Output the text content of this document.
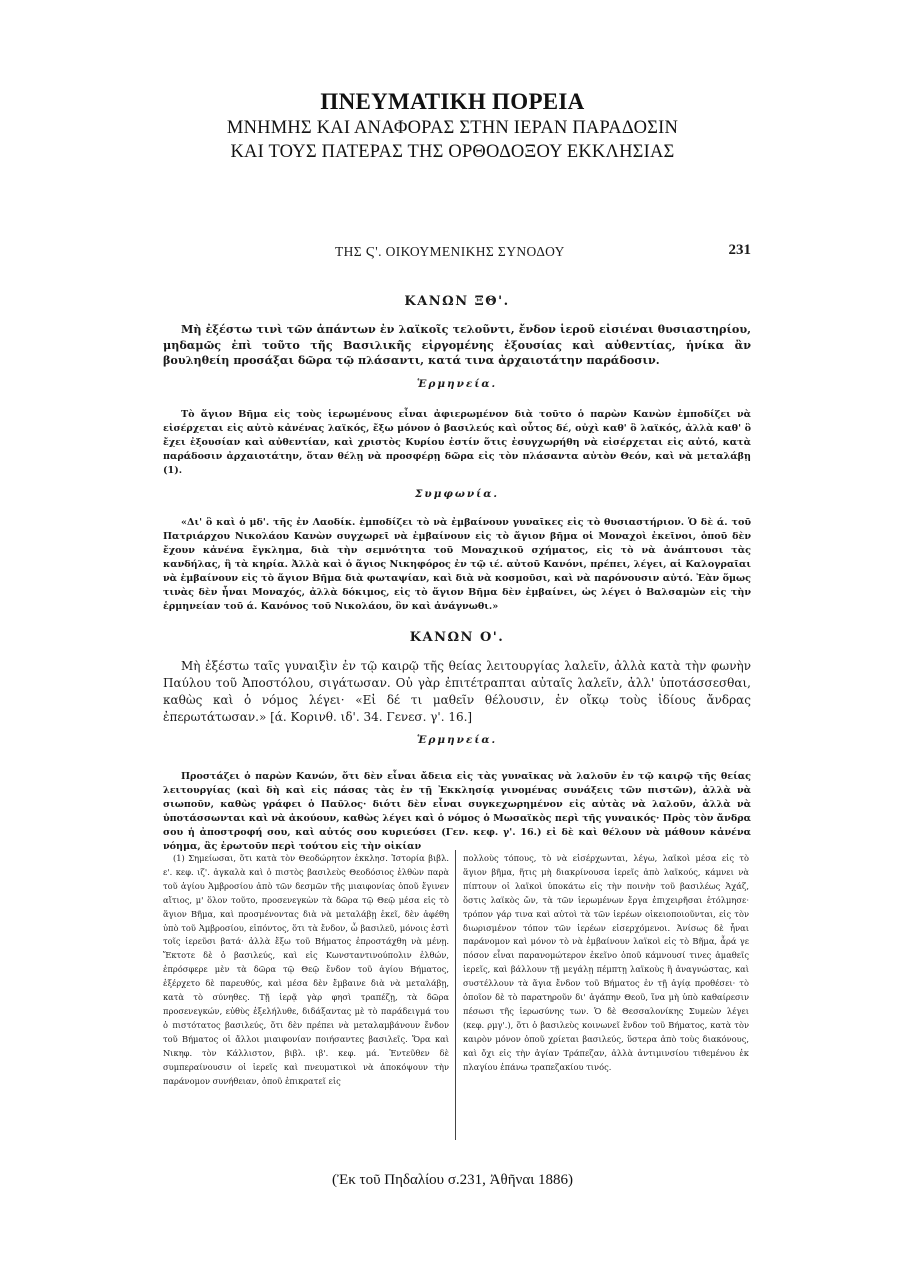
ΠΝΕΥΜΑΤΙΚΗ ΠΟΡΕΙΑ
ΜΝΗΜΗΣ ΚΑΙ ΑΝΑΦΟΡΑΣ ΣΤΗΝ ΙΕΡΑΝ ΠΑΡΑΔΟΣΙΝ
ΚΑΙ ΤΟΥΣ ΠΑΤΕΡΑΣ ΤΗΣ ΟΡΘΟΔΟΞΟΥ ΕΚΚΛΗΣΙΑΣ
ΤΗΣ Ϛ'. ΟΙΚΟΥΜΕΝΙΚΗΣ ΣΥΝΟΔΟΥ	231
ΚΑΝΩΝ ΞΘ'.
Μὴ ἐξέστω τινὶ τῶν ἁπάντων ἐν λαϊκοῖς τελοῦντι, ἔνδον ἱεροῦ εἰσιέναι θυσιαστηρίου, μηδαμῶς ἐπὶ τοῦτο τῆς Βασιλικῆς εἰργομένης ἐξουσίας καὶ αὐθεντίας, ἡνίκα ἂν βουληθείη προσάξαι δῶρα τῷ πλάσαντι, κατά τινα ἀρχαιοτάτην παράδοσιν.
Ἑρμηνεία.
Τὸ ἅγιον Βῆμα εἰς τοὺς ἱερωμένους εἶναι ἀφιερωμένον διὰ τοῦτο ὁ παρὼν Κανὼν ἐμποδίζει νὰ εἰσέρχεται εἰς αὐτὸ κἀνένας λαϊκός, ἔξω μόνον ὁ βασιλεύς καὶ οὗτος δέ, οὐχὶ καθ' ὃ λαϊκός, ἀλλὰ καθ' ὃ ἔχει ἐξουσίαν καὶ αὐθεντίαν, καὶ χριστὸς Κυρίου ἐστίν ὅτις ἐσυγχωρήθη νὰ εἰσέρχεται εἰς αὐτό, κατὰ παράδοσιν ἀρχαιοτάτην, ὅταν θέλῃ νὰ προσφέρῃ δῶρα εἰς τὸν πλάσαντα αὐτὸν Θεόν, καὶ νὰ μεταλάβῃ (1).
Συμφωνία.
«Δι' ὃ καὶ ὁ μδ'. τῆς ἐν Λαοδίκ. ἐμποδίζει τὸ νὰ ἐμβαίνουν γυναῖκες εἰς τὸ θυσιαστήριον. Ὁ δὲ ά. τοῦ Πατριάρχου Νικολάου Κανὼν συγχωρεῖ νὰ ἐμβαίνουν εἰς τὸ ἅγιον βῆμα οἱ Μοναχοὶ ἐκεῖνοι, ὁποῦ δὲν ἔχουν κἀνένα ἔγκλημα, διὰ τὴν σεμνότητα τοῦ Μοναχικοῦ σχήματος, εἰς τὸ νὰ ἀνάπτουσι τὰς κανδήλας, ἢ τὰ κηρία. Ἀλλὰ καὶ ὁ ἅγιος Νικηφόρος ἐν τῷ ιέ. αὐτοῦ Κανόνι, πρέπει, λέγει, αἱ Καλογραῖαι νὰ ἐμβαίνουν εἰς τὸ ἅγιον Βῆμα διὰ φωταψίαν, καὶ διὰ νὰ κοσμοῦσι, καὶ νὰ παρόνουσιν αὐτό. Ἐὰν ὅμως τινὰς δὲν ἦναι Μοναχός, ἀλλὰ δόκιμος, εἰς τὸ ἅγιον Βῆμα δὲν ἐμβαίνει, ὡς λέγει ὁ Βαλσαμὼν εἰς τὴν ἑρμηνείαν τοῦ ά. Κανόνος τοῦ Νικολάου, ὃν καὶ ἀνάγνωθι.»
ΚΑΝΩΝ Ο'.
Μὴ ἐξέστω ταῖς γυναιξὶν ἐν τῷ καιρῷ τῆς θείας λειτουργίας λαλεῖν, ἀλλὰ κατὰ τὴν φωνὴν Παύλου τοῦ Ἀποστόλου, σιγάτωσαν. Οὐ γὰρ ἐπιτέτραπται αὐταῖς λαλεῖν, ἀλλ' ὑποτάσσεσθαι, καθὼς καὶ ὁ νόμος λέγει· «Εἰ δέ τι μαθεῖν θέλουσιν, ἐν οἴκῳ τοὺς ἰδίους ἄνδρας ἐπερωτάτωσαν.» [ά. Κορινθ. ιδ'. 34. Γενεσ. γ'. 16.]
Ἑρμηνεία.
Προστάζει ὁ παρὼν Κανών, ὅτι δὲν εἶναι ἄδεια εἰς τὰς γυναῖκας νὰ λαλοῦν ἐν τῷ καιρῷ τῆς θείας λειτουργίας (καὶ δὴ καὶ εἰς πάσας τὰς ἐν τῇ Ἐκκλησίᾳ γινομένας συνάξεις τῶν πιστῶν), ἀλλὰ νὰ σιωποῦν, καθὼς γράφει ὁ Παῦλος· διότι δὲν εἶναι συγκεχωρημένον εἰς αὐτὰς νὰ λαλοῦν, ἀλλὰ νὰ ὑποτάσσωνται καὶ νὰ ἀκούουν, καθὼς λέγει καὶ ὁ νόμος ὁ Μωσαϊκὸς περὶ τῆς γυναικός· Πρὸς τὸν ἄνδρα σου ἡ ἀποστροφή σου, καὶ αὐτός σου κυριεύσει (Γεν. κεφ. γ'. 16.) εἰ δὲ καὶ θέλουν νὰ μάθουν κἀνένα νόημα, ἂς ἐρωτοῦν περὶ τούτου εἰς τὴν οἰκίαν
(1) Σημείωσαι, ὅτι κατὰ τὸν Θεοδώρητον ἐκκλησ. Ἱστορία βιβλ. ε'. κεφ. ιζ'. ἀγκαλὰ καὶ ὁ πιστὸς βασιλεὺς Θεοδόσιος ἐλθὼν παρὰ τοῦ ἁγίου Ἀμβροσίου ἀπὸ τῶν δεσμῶν τῆς μιαιφονίας ὁποῦ ἔγινεν αἴτιος, μ' ὅλον τοῦτο, προσενεγκὼν τὰ δῶρα τῷ Θεῷ μέσα εἰς τὸ ἅγιον Βῆμα, καὶ προσμένοντας διὰ νὰ μεταλάβῃ ἐκεῖ, δὲν ἀφέθη ὑπὸ τοῦ Ἀμβροσίου, εἰπόντος, ὅτι τὰ ἔνδον, ὦ βασιλεῦ, μόνοις ἐστὶ τοῖς ἱερεῦσι βατά· ἀλλὰ ἔξω τοῦ Βήματος ἐπροστάχθη νὰ μένῃ. Ἔκτοτε δὲ ὁ βασιλεύς, καὶ εἰς Κωνσταντινούπολιν ἐλθών, ἐπρόσφερε μὲν τὰ δῶρα τῷ Θεῷ ἔνδον τοῦ ἁγίου Βήματος, ἐξέρχετο δὲ παρευθύς, καὶ μέσα δὲν ἔμβαινε διὰ νὰ μεταλάβῃ, κατὰ τὸ σύνηθες. Τῇ ἱερᾷ γὰρ φησὶ τραπέζῃ, τὰ δῶρα προσενεγκών, εὐθὺς ἐξελήλυθε, διδάξαντας μὲ τὸ παράδειγμά του ὁ πιστότατος βασιλεύς, ὅτι δὲν πρέπει νὰ μεταλαμβάνουν ἔνδον τοῦ Βήματος οἱ ἄλλοι μιαιφονίαν ποιήσαντες βασιλεῖς. Ὅρα καὶ Νικηφ. τὸν Κάλλιστον, βιβλ. ιβ'. κεφ. μά. Ἐντεῦθεν δὲ συμπεραίνουσιν οἱ ἱερεῖς καὶ πνευματικοὶ νὰ ἀποκόψουν τὴν παράνομον συνήθειαν, ὁποῦ ἐπικρατεῖ εἰς
πολλοὺς τόπους, τὸ νὰ εἰσέρχωνται, λέγω, λαϊκοὶ μέσα εἰς τὸ ἅγιον βῆμα, ἥτις μὴ διακρίνουσα ἱερεῖς ἀπὸ λαϊκούς, κάμνει νὰ πίπτουν οἱ λαϊκοὶ ὑποκάτω εἰς τὴν ποινὴν τοῦ βασιλέως Ἀχάζ, ὅστις λαϊκὸς ὤν, τὰ τῶν ἱερωμένων ἔργα ἐπιχειρῆσαι ἐτόλμησε· τρόπον γάρ τινα καὶ αὐτοὶ τὰ τῶν ἱερέων οἰκειοποιοῦνται, εἰς τὸν διωρισμένον τόπον τῶν ἱερέων εἰσερχόμενοι. Ἀνίσως δὲ ἦναι παράνομον καὶ μόνον τὸ νὰ ἐμβαίνουν λαϊκοὶ εἰς τὸ Βῆμα, ἆρά γε πόσον εἶναι παρανομώτερον ἐκεῖνο ὁποῦ κάμνουσί τινες ἀμαθεῖς ἱερεῖς, καὶ βάλλουν τῇ μεγάλῃ πέμπτῃ λαϊκοὺς ἢ ἀναγνώστας, καὶ συστέλλουν τὰ ἅγια ἔνδον τοῦ Βήματος ἐν τῇ ἁγίᾳ προθέσει· τὸ ὁποῖον δὲ τὸ παρατηροῦν δι' ἀγάπην Θεοῦ, ἵνα μὴ ὑπὸ καθαίρεσιν πέσωσι τῆς ἱερωσύνης των. Ὁ δὲ Θεσσαλονίκης Συμεὼν λέγει (κεφ. ρμγ'.), ὅτι ὁ βασιλεὺς κοινωνεῖ ἔνδον τοῦ Βήματος, κατὰ τὸν καιρὸν μόνον ὁποῦ χρίεται βασιλεύς, ὕστερα ἀπὸ τοὺς διακόνους, καὶ ὄχι εἰς τὴν ἁγίαν Τράπεζαν, ἀλλὰ ἀντιμινσίου τιθεμένου ἐκ πλαγίου ἐπάνω τραπεζακίου τινός.
(Ἐκ τοῦ Πηδαλίου σ.231, Ἀθῆναι 1886)
